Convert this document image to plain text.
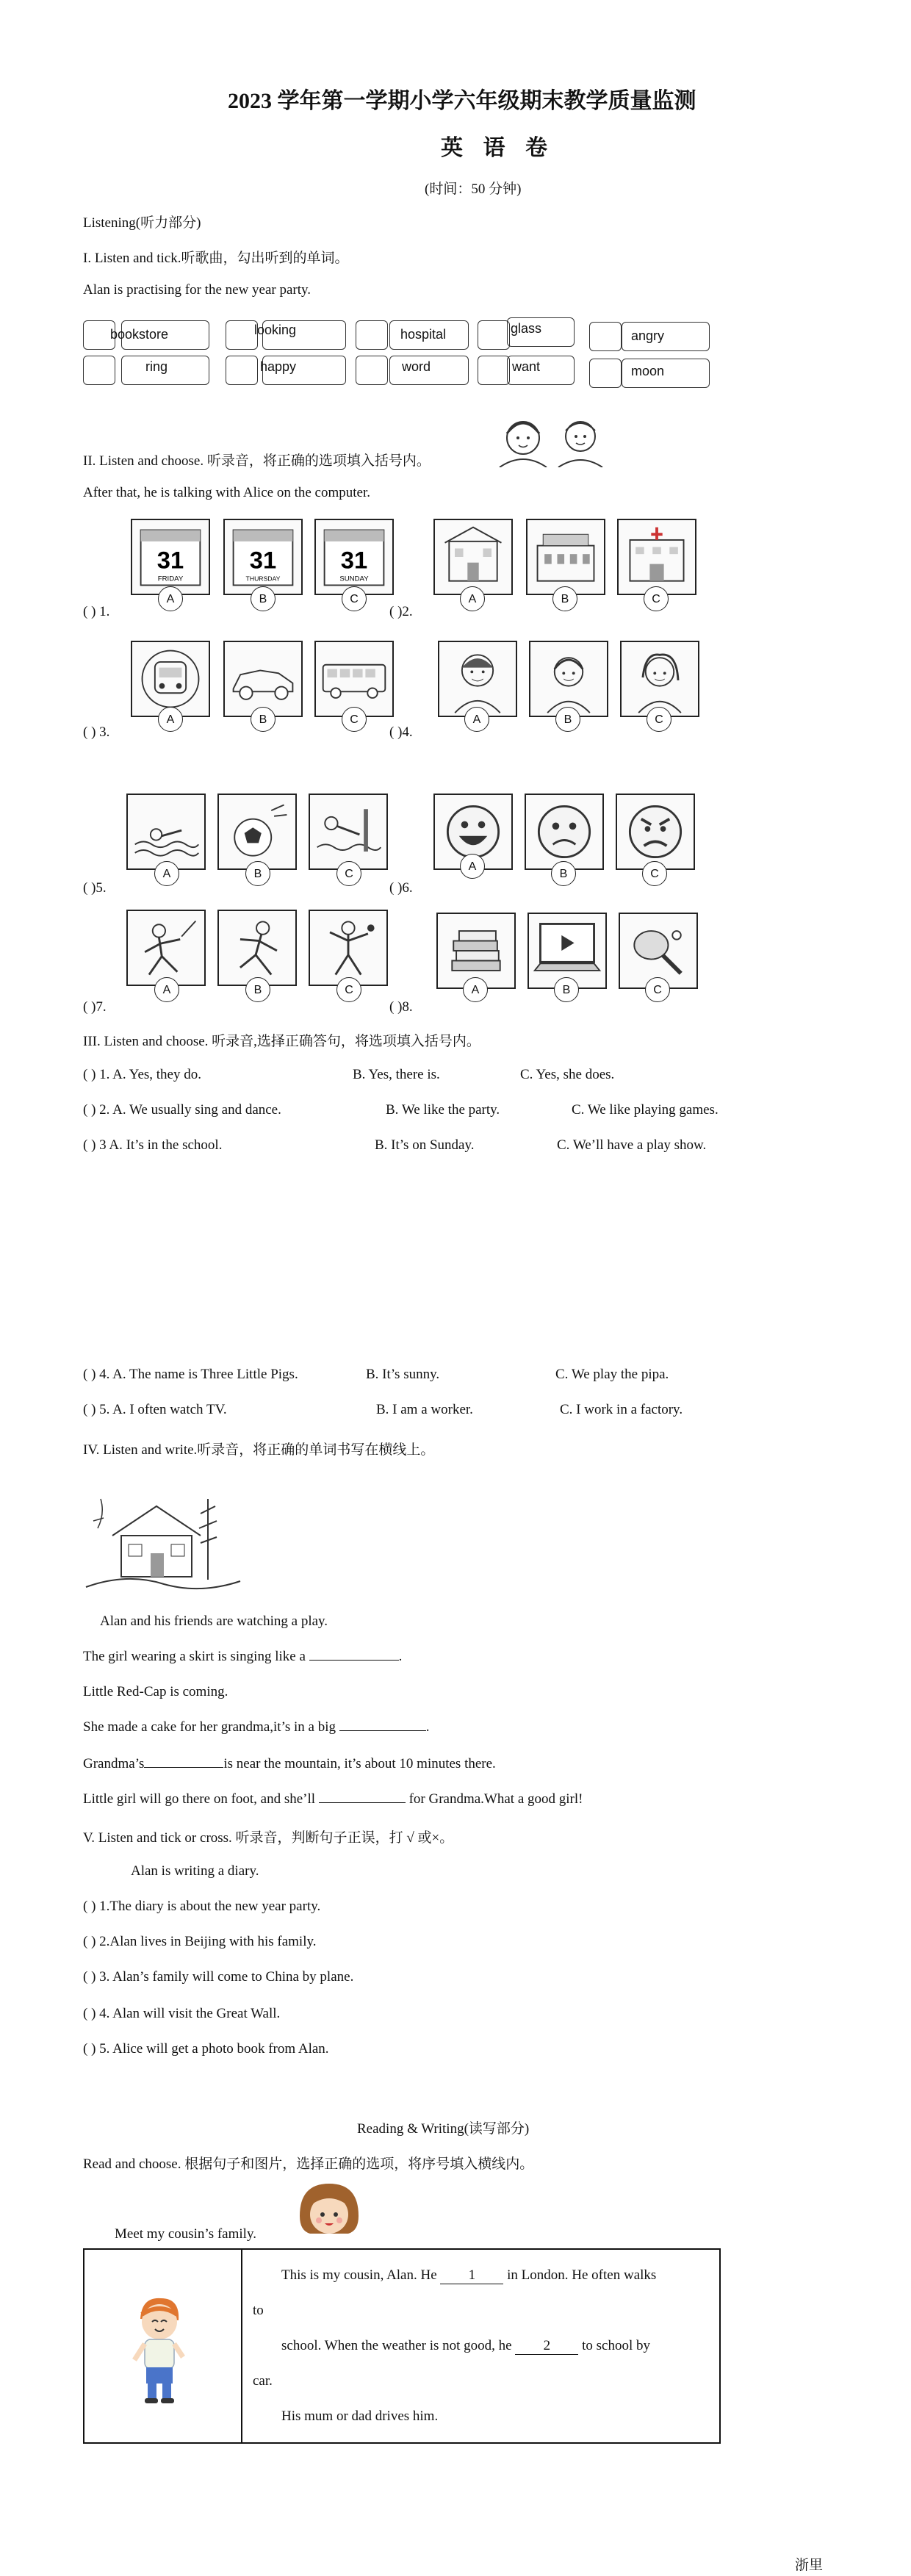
2023 学年第一学期小学六年级期末教学质量监测
英 语 卷
(时间：50 分钟)
Listening(听力部分)
I. Listen and tick.听歌曲，勾出听到的单词。
Alan is practising for the new year party.
bookstore	looking	hospital	glass	angry
ring	happy	word	want	moon
II. Listen and choose. 听录音，将正确的选项填入括号内。
After that, he is talking with Alice on the computer.
31
FRIDAY
31
THURSDAY
31
SUNDAY
A	B	C
( ) 1.
A	B	C
( )2.
A	B	C
( ) 3.
A	B	C
( )4.
A	B	C
( )5.
A
B	C
( )6.
A	B	C
( )7.
A	B	C
( )8.
III. Listen and choose. 听录音,选择正确答句，将选项填入括号内。
( ) 1. A. Yes, they do.	B. Yes, there is.	C. Yes, she does.
( ) 2. A. We usually sing and dance.	B. We like the party.	C. We like playing games.
( ) 3 A. It’s in the school.	B. It’s on Sunday.	C. We’ll have a play show.
( ) 4. A. The name is Three Little Pigs.	B. It’s sunny.	C. We play the pipa.
( ) 5. A. I often watch TV.	B. I am a worker.	C. I work in a factory.
IV. Listen and write.听录音，将正确的单词书写在横线上。
Alan and his friends are watching a play.
The girl wearing a skirt is singing like a	.
Little Red-Cap is coming.
She made a cake for her grandma,it’s in a big	.
Grandma’s	is near the mountain, it’s about 10 minutes there.
Little girl will go there on foot, and she’ll	for Grandma.What a good girl!
V. Listen and tick or cross. 听录音，判断句子正误，打 √ 或×。
Alan is writing a diary.
( ) 1.The diary is about the new year party.
( ) 2.Alan lives in Beijing with his family.
( ) 3. Alan’s family will come to China by plane.
( ) 4. Alan will visit the Great Wall.
( ) 5. Alice will get a photo book from Alan.
Reading & Writing(读写部分)
Read and choose. 根据句子和图片，选择正确的选项，将序号填入横线内。
Meet my cousin’s family.
This is my cousin, Alan. He 1 in London. He often walks
to
school. When the weather is not good, he 2 to school by
car.
His mum or dad drives him.
浙里
